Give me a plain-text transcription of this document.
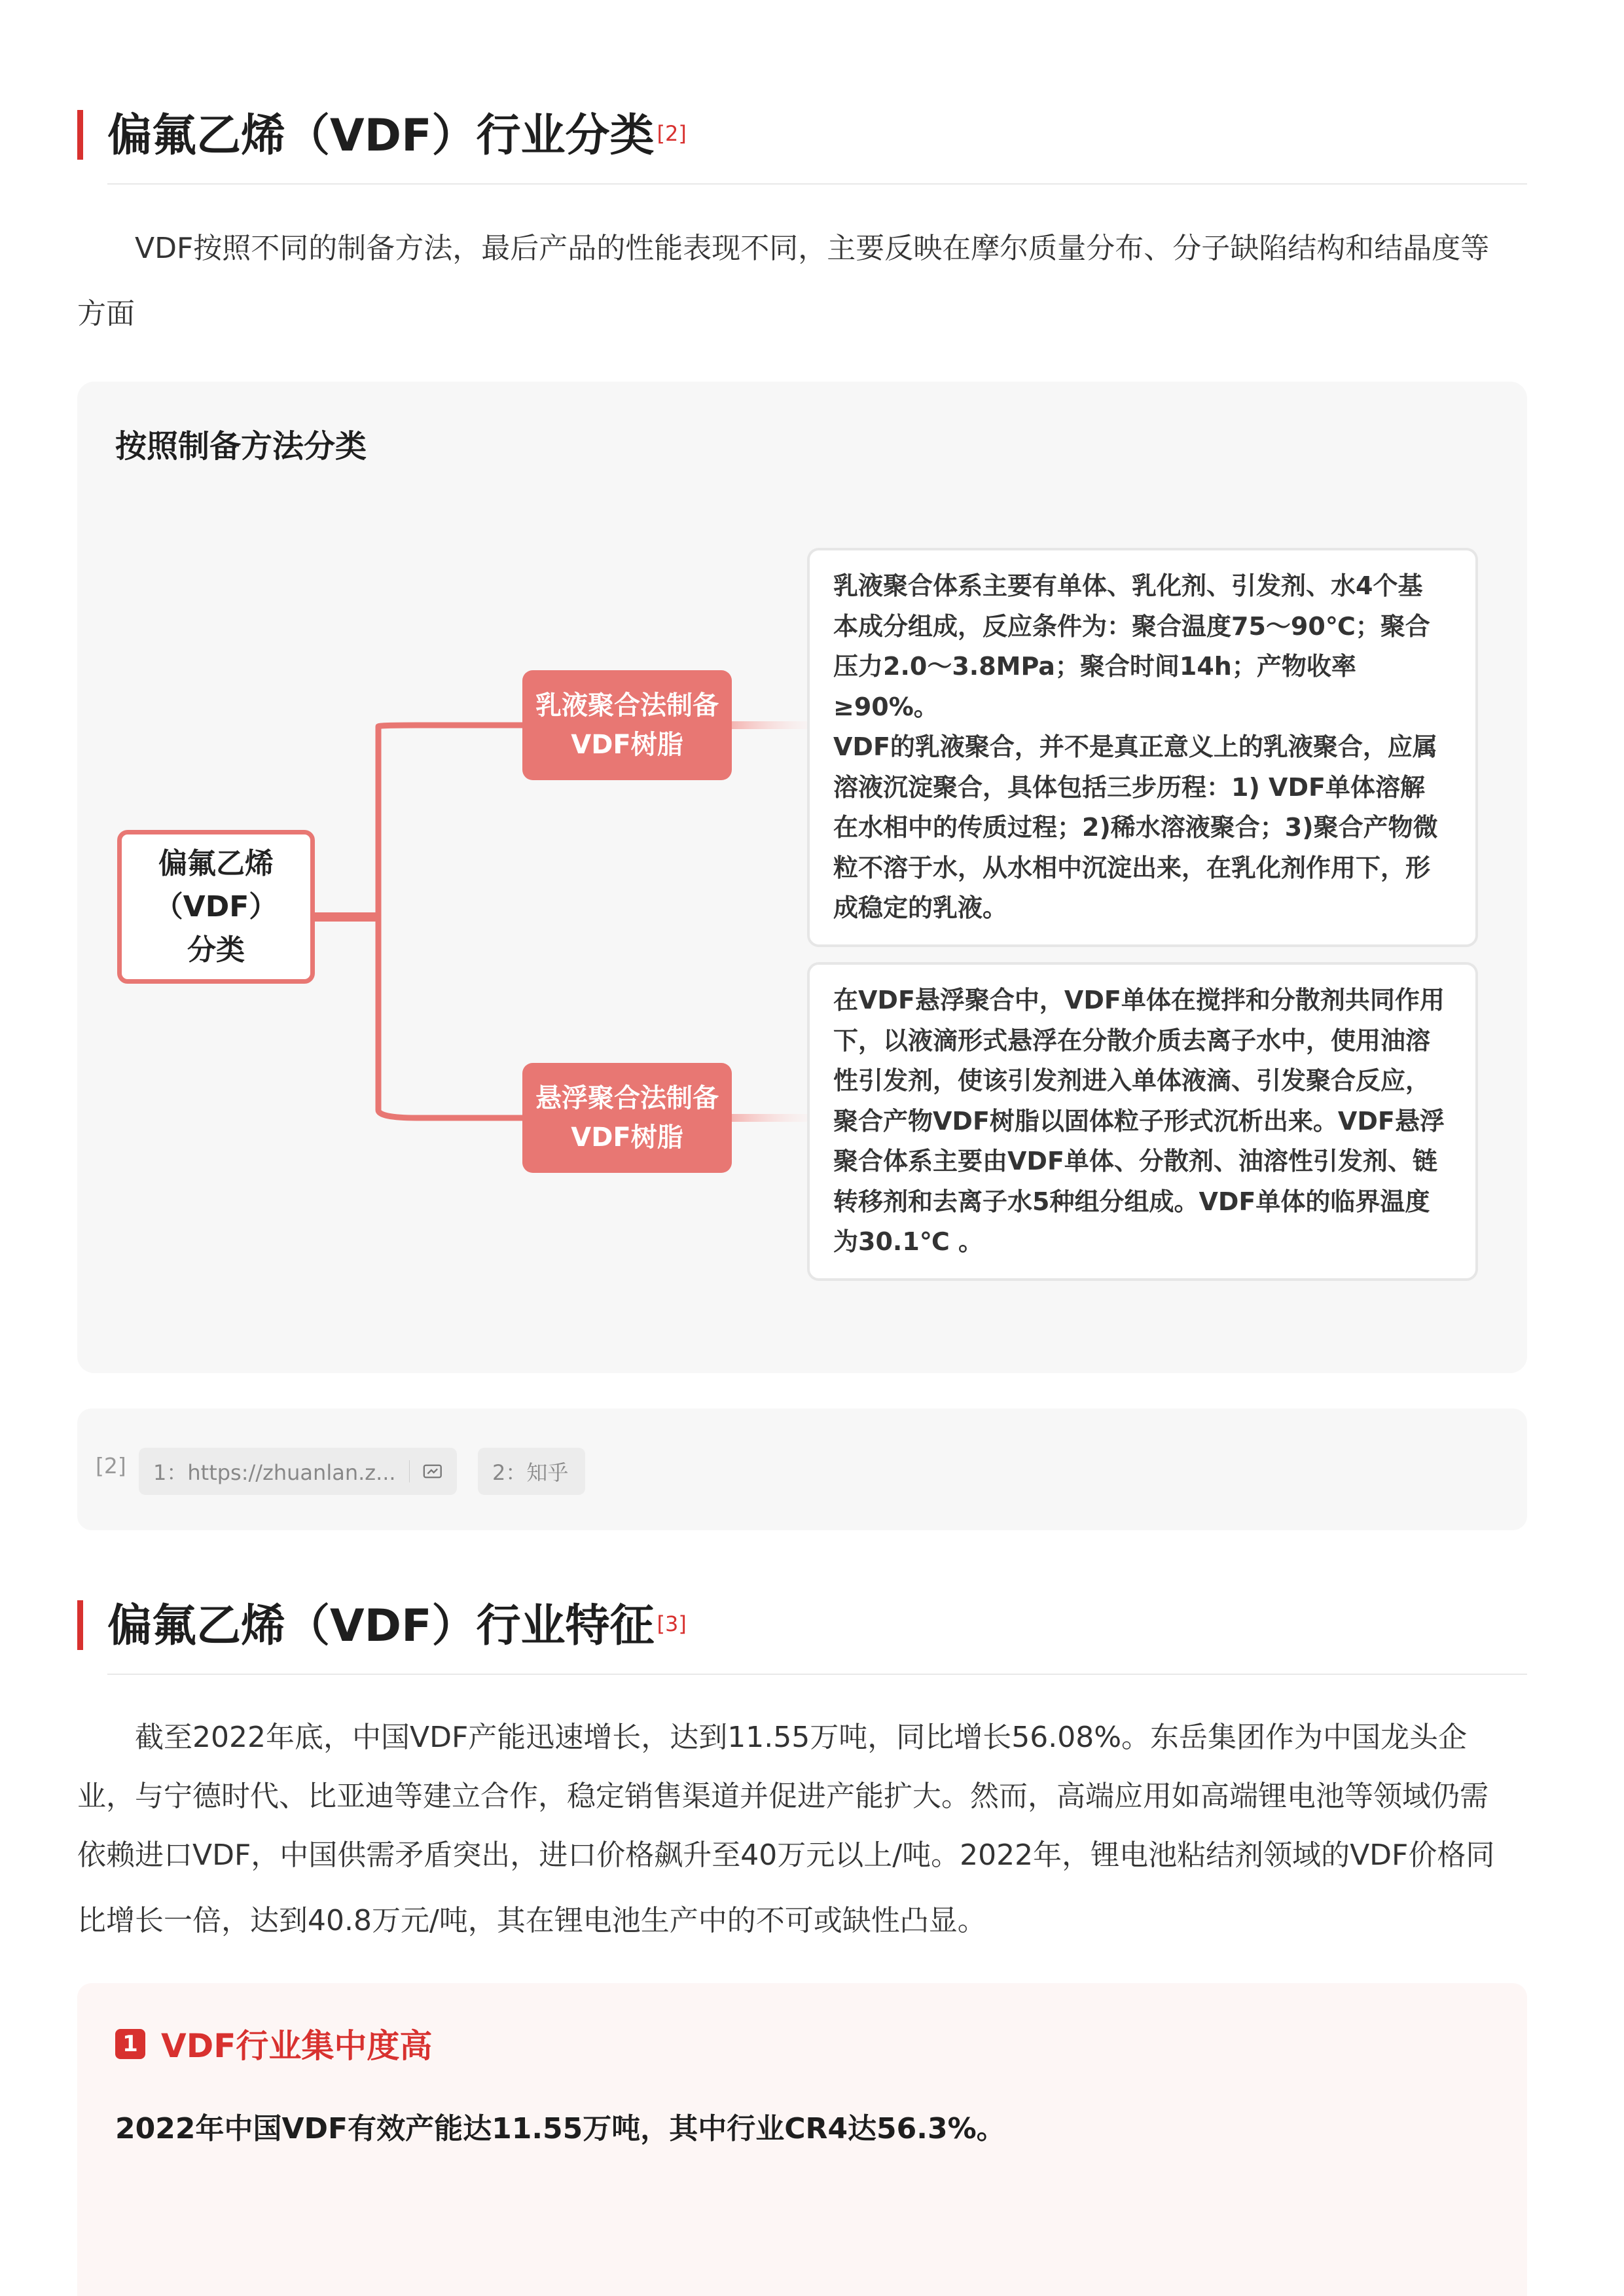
偏氟乙烯（VDF）行业分类 [2]
VDF按照不同的制备方法，最后产品的性能表现不同，主要反映在摩尔质量分布、分子缺陷结构和结晶度等
方面
按照制备方法分类
偏氟乙烯（VDF）分类
乳液聚合法制备VDF树脂
悬浮聚合法制备VDF树脂
乳液聚合体系主要有单体、乳化剂、引发剂、水4个基
本成分组成，反应条件为：聚合温度75～90℃；聚合
压力2.0～3.8MPa；聚合时间14h；产物收率≥90%。
VDF的乳液聚合，并不是真正意义上的乳液聚合，应属
溶液沉淀聚合，具体包括三步历程：1) VDF单体溶解
在水相中的传质过程；2)稀水溶液聚合；3)聚合产物微
粒不溶于水，从水相中沉淀出来，在乳化剂作用下，形
成稳定的乳液。
在VDF悬浮聚合中，VDF单体在搅拌和分散剂共同作用
下，以液滴形式悬浮在分散介质去离子水中，使用油溶
性引发剂，使该引发剂进入单体液滴、引发聚合反应，
聚合产物VDF树脂以固体粒子形式沉析出来。VDF悬浮
聚合体系主要由VDF单体、分散剂、油溶性引发剂、链
转移剂和去离子水5种组分组成。VDF单体的临界温度
为30.1℃ 。
[2] 1：https://zhuanlan.z...	2：知乎
偏氟乙烯（VDF）行业特征 [3]
截至2022年底，中国VDF产能迅速增长，达到11.55万吨，同比增长56.08%。东岳集团作为中国龙头企
业，与宁德时代、比亚迪等建立合作，稳定销售渠道并促进产能扩大。然而，高端应用如高端锂电池等领域仍需
依赖进口VDF，中国供需矛盾突出，进口价格飙升至40万元以上/吨。2022年，锂电池粘结剂领域的VDF价格同
比增长一倍，达到40.8万元/吨，其在锂电池生产中的不可或缺性凸显。
1 VDF行业集中度高
2022年中国VDF有效产能达11.55万吨，其中行业CR4达56.3%。
